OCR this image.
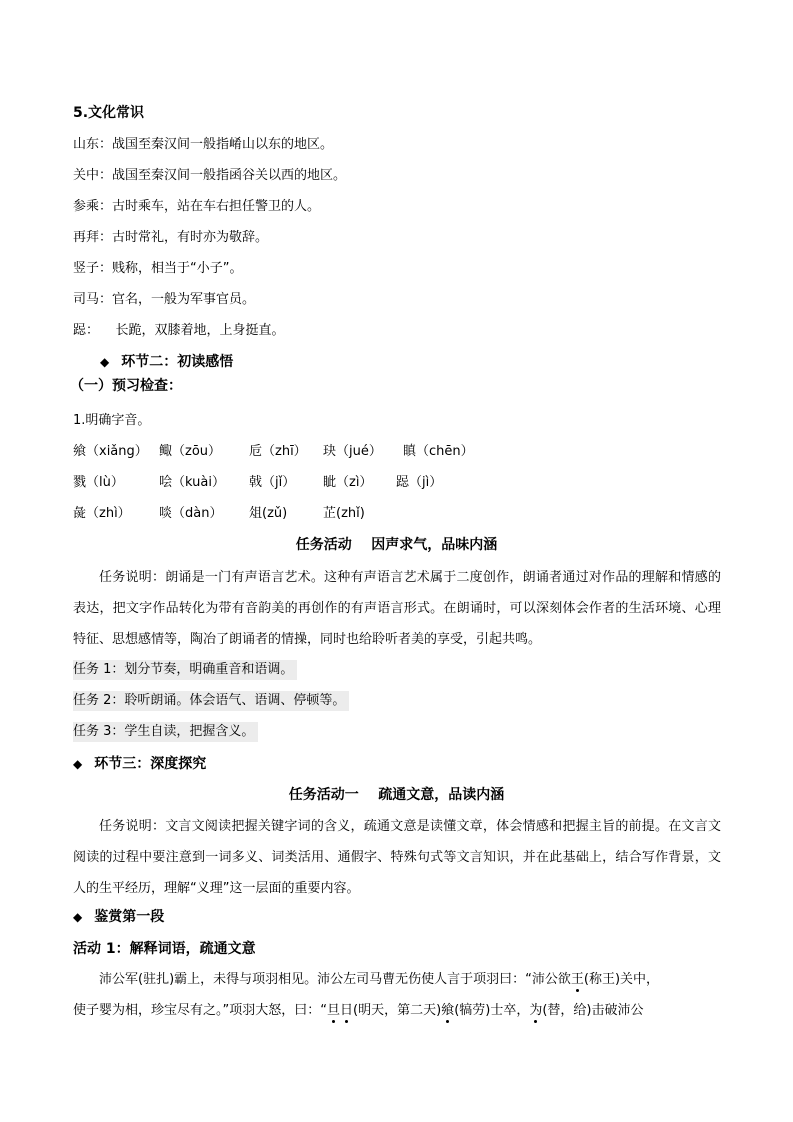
5.文化常识
山东：战国至秦汉间一般指崤山以东的地区。
关中：战国至秦汉间一般指函谷关以西的地区。
参乘：古时乘车，站在车右担任警卫的人。
再拜：古时常礼，有时亦为敬辞。
竖子：贱称，相当于“小子”。
司马：官名，一般为军事官员。
跽：    长跪，双膝着地，上身挺直。
◆ 环节二：初读感悟
（一）预习检查：
1.明确字音。
飨（xiǎng） 鲰（zōu） 卮（zhī） 玦（jué） 瞋（chēn）
戮（lù）	哙（kuài） 戟（jǐ） 眦（zì） 跽（jì）
彘（zhì） 啖（dàn） 俎(zǔ)	芷(zhǐ)
任务活动    因声求气，品味内涵
任务说明：朗诵是一门有声语言艺术。这种有声语言艺术属于二度创作，朗诵者通过对作品的理解和情感的表达，把文字作品转化为带有音韵美的再创作的有声语言形式。在朗诵时，可以深刻体会作者的生活环境、心理特征、思想感情等，陶冶了朗诵者的情操，同时也给聆听者美的享受，引起共鸣。
任务 1：划分节奏，明确重音和语调。
任务 2：聆听朗诵。体会语气、语调、停顿等。
任务 3：学生自读，把握含义。
◆ 环节三：深度探究
任务活动一    疏通文意，品读内涵
任务说明：文言文阅读把握关键字词的含义，疏通文意是读懂文章，体会情感和把握主旨的前提。在文言文阅读的过程中要注意到一词多义、词类活用、通假字、特殊句式等文言知识，并在此基础上，结合写作背景，文人的生平经历，理解“义理”这一层面的重要内容。
◆ 鉴赏第一段
活动 1：解释词语，疏通文意
沛公军(驻扎)霸上，未得与项羽相见。沛公左司马曹无伤使人言于项羽曰：“沛公欲王(称王)关中，
使子婴为相，珍宝尽有之。”项羽大怒，曰：“旦日(明天，第二天)飨(犒劳)士卒，为(替，给)击破沛公
